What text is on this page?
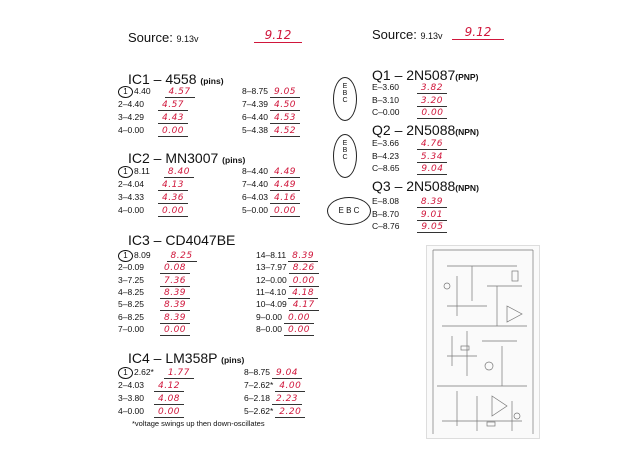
Source: 9.13v	9.12	Source: 9.13v	9.12
IC1 – 4558 (pins)
IC2 – MN3007 (pins)
IC3 – CD4047BE
IC4 – LM358P (pins)
*voltage swings up then down-oscillates
Q1 – 2N5087(PNP)
Q2 – 2N5088(NPN)
Q3 – 2N5088(NPN)
E
B
C
E
B
C
E B C
1 4.40 4.57
2–4.40 4.57
3–4.29 4.43
4–0.00 0.00
8–8.75 9.05
7–4.39 4.50
6–4.40 4.53
5–4.38 4.52
1 8.11 8.40
2–4.04 4.13
3–4.33 4.36
4–0.00 0.00
8–4.40 4.49
7–4.40 4.49
6–4.03 4.16
5–0.00 0.00
1 8.09 8.25
2–0.09 0.08
3–7.25 7.36
4–8.25 8.39
5–8.25 8.39
6–8.25 8.39
7–0.00 0.00
14–8.11 8.39
13–7.97 8.26
12–0.00 0.00
11–4.10 4.18
10–4.09 4.17
9–0.00 0.00
8–0.00 0.00
1 2.62* 1.77
2–4.03 4.12
3–3.80 4.08
4–0.00 0.00
8–8.75 9.04
7–2.62* 4.00
6–2.18 2.23
5–2.62* 2.20
E–3.60 3.82
B–3.10 3.20
C–0.00 0.00
E–3.66 4.76
B–4.23 5.34
C–8.65 9.04
E–8.08 8.39
B–8.70 9.01
C–8.76 9.05
